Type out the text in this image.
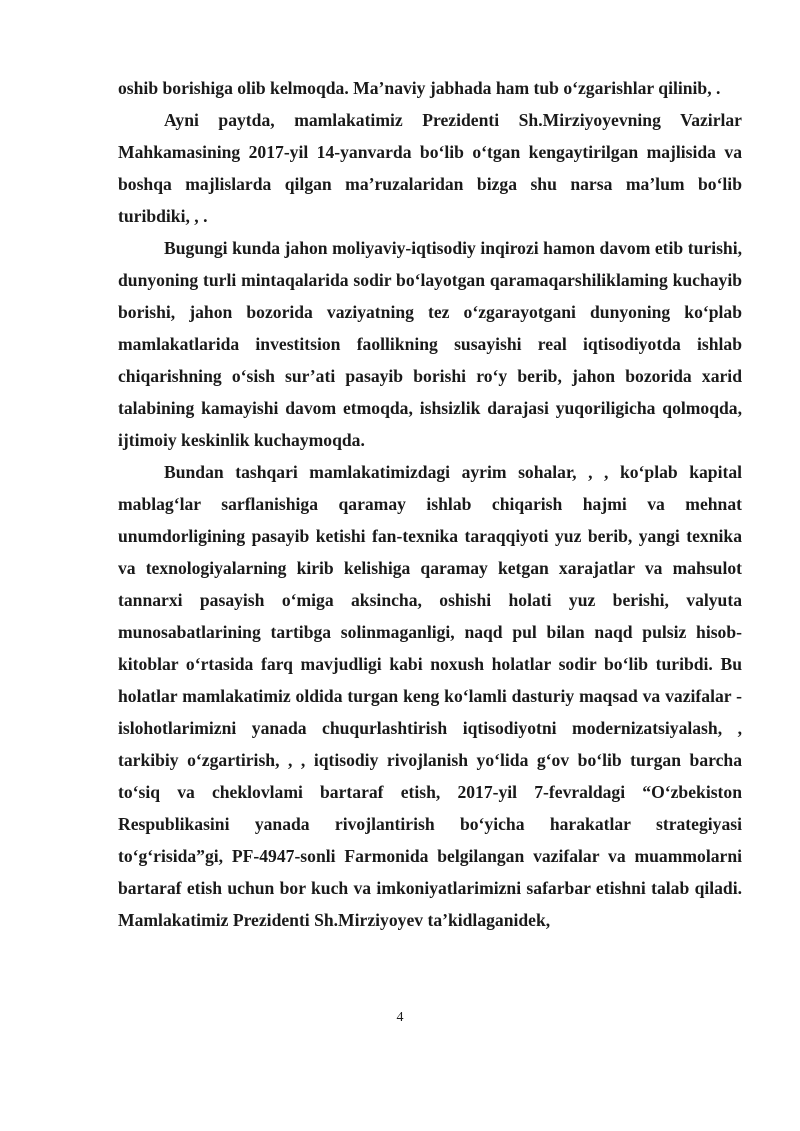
oshib borishiga olib kelmoqda. Ma’naviy jabhada ham tub o‘zgarishlar qilinib, .

Ayni paytda, mamlakatimiz Prezidenti Sh.Mirziyoyevning Vazirlar Mahkamasining 2017-yil 14-yanvarda bo‘lib o‘tgan kengaytirilgan majlisida va boshqa majlislarda qilgan ma’ruzalaridan bizga shu narsa ma’lum bo‘lib turibdiki, , .

Bugungi kunda jahon moliyaviy-iqtisodiy inqirozi hamon davom etib turishi, dunyoning turli mintaqalarida sodir bo‘layotgan qaramaqarshiliklaming kuchayib borishi, jahon bozorida vaziyatning tez o‘zgarayotgani dunyoning ko‘plab mamlakatlarida investitsion faollikning susayishi real iqtisodiyotda ishlab chiqarishning o‘sish sur’ati pasayib borishi ro‘y berib, jahon bozorida xarid talabining kamayishi davom etmoqda, ishsizlik darajasi yuqoriligicha qolmoqda, ijtimoiy keskinlik kuchaymoqda.

Bundan tashqari mamlakatimizdagi ayrim sohalar, , , ko‘plab kapital mablag‘lar sarflanishiga qaramay ishlab chiqarish hajmi va mehnat unumdorligining pasayib ketishi fan-texnika taraqqiyoti yuz berib, yangi texnika va texnologiyalarning kirib kelishiga qaramay ketgan xarajatlar va mahsulot tannarxi pasayish o‘miga aksincha, oshishi holati yuz berishi, valyuta munosabatlarining tartibga solinmaganligi, naqd pul bilan naqd pulsiz hisob-kitoblar o‘rtasida farq mavjudligi kabi noxush holatlar sodir bo‘lib turibdi. Bu holatlar mamlakatimiz oldida turgan keng ko‘lamli dasturiy maqsad va vazifalar - islohotlarimizni yanada chuqurlashtirish iqtisodiyotni modernizatsiyalash, , tarkibiy o‘zgartirish, , , iqtisodiy rivojlanish yo‘lida g‘ov bo‘lib turgan barcha to‘siq va cheklovlami bartaraf etish, 2017-yil 7-fevraldagi “O‘zbekiston Respublikasini yanada rivojlantirish bo‘yicha harakatlar strategiyasi to‘g‘risida”gi, PF-4947-sonli Farmonida belgilangan vazifalar va muammolarni bartaraf etish uchun bor kuch va imkoniyatlarimizni safarbar etishni talab qiladi. Mamlakatimiz Prezidenti Sh.Mirziyoyev ta’kidlaganidek,

4
